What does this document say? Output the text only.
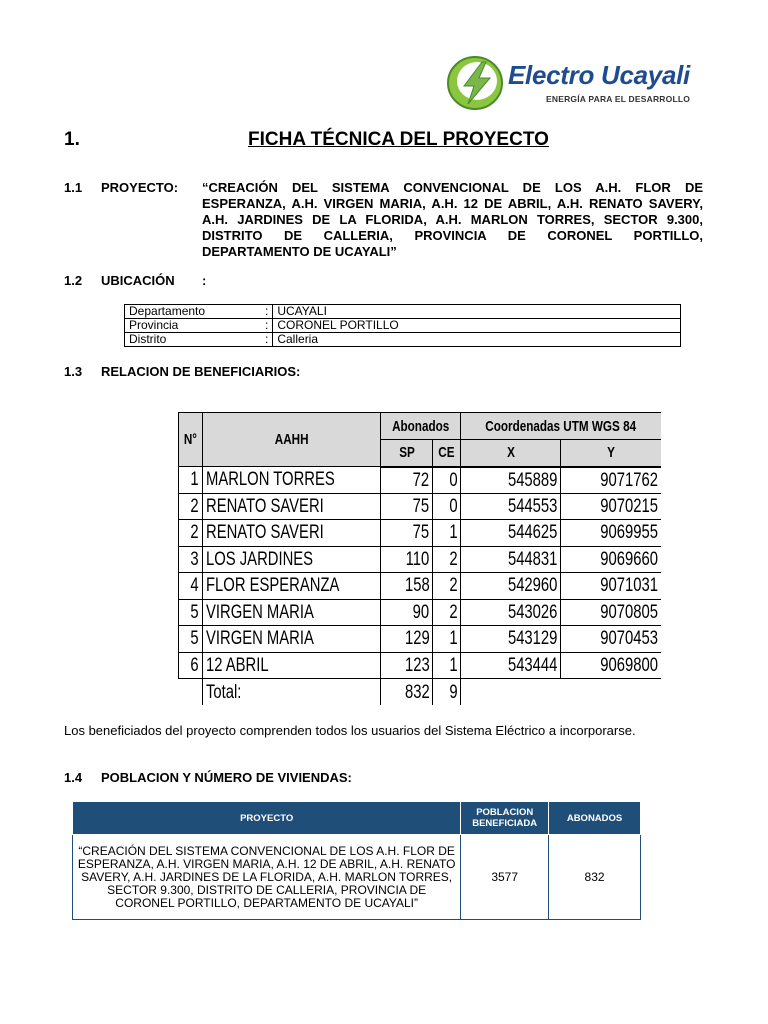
Electro Ucayali
ENERGÍA PARA EL DESARROLLO
1.	FICHA TÉCNICA DEL PROYECTO
1.1 PROYECTO: “CREACIÓN DEL SISTEMA CONVENCIONAL DE LOS A.H. FLOR DE ESPERANZA, A.H. VIRGEN MARIA, A.H. 12 DE ABRIL, A.H. RENATO SAVERY, A.H. JARDINES DE LA FLORIDA, A.H. MARLON TORRES, SECTOR 9.300, DISTRITO DE CALLERIA, PROVINCIA DE CORONEL PORTILLO, DEPARTAMENTO DE UCAYALI”
1.2 UBICACIÓN :
Departamento	:	UCAYALI
Provincia	:	CORONEL PORTILLO
Distrito	:	Calleria
1.3 RELACION DE BENEFICIARIOS:
N°	AAHH	Abonados		Coordenadas UTM WGS 84	
		SP	CE	X	Y
1	MARLON TORRES	72	0	545889	9071762
2	RENATO SAVERI	75	0	544553	9070215
2	RENATO SAVERI	75	1	544625	9069955
3	LOS JARDINES	110	2	544831	9069660
4	FLOR ESPERANZA	158	2	542960	9071031
5	VIRGEN MARIA	90	2	543026	9070805
5	VIRGEN MARIA	129	1	543129	9070453
6	12 ABRIL	123	1	543444	9069800
	Total:	832	9		
Los beneficiados del proyecto comprenden todos los usuarios del Sistema Eléctrico a incorporarse.
1.4 POBLACION Y NÚMERO DE VIVIENDAS:
PROYECTO	POBLACION BENEFICIADA	ABONADOS
“CREACIÓN DEL SISTEMA CONVENCIONAL DE LOS A.H. FLOR DE ESPERANZA, A.H. VIRGEN MARIA, A.H. 12 DE ABRIL, A.H. RENATO SAVERY, A.H. JARDINES DE LA FLORIDA, A.H. MARLON TORRES, SECTOR 9.300, DISTRITO DE CALLERIA, PROVINCIA DE CORONEL PORTILLO, DEPARTAMENTO DE UCAYALI”	3577	832
